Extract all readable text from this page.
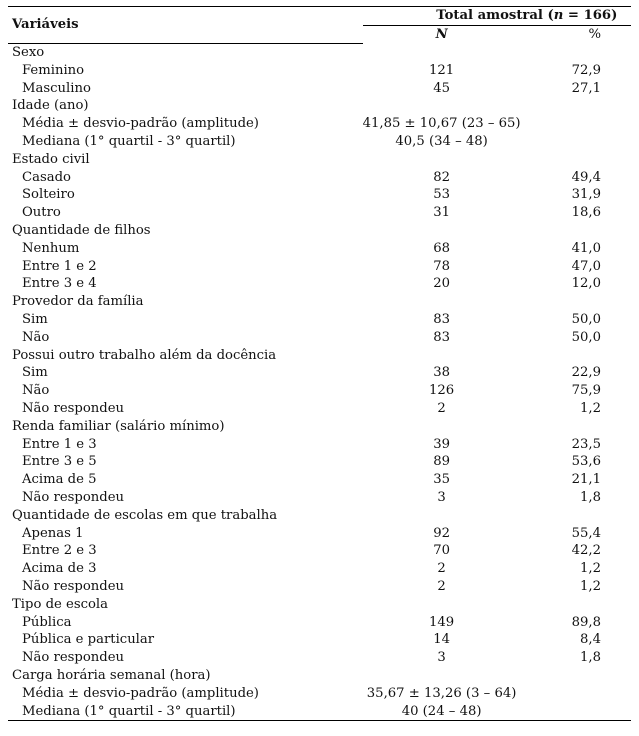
Variáveis	Total amostral (n = 166)	
	N	%
Sexo		
Feminino	121	72,9
Masculino	45	27,1
Idade (ano)		
Média ± desvio-padrão (amplitude)	41,85 ± 10,67 (23 – 65)	
Mediana (1° quartil - 3° quartil)	40,5 (34 – 48)	
Estado civil		
Casado	82	49,4
Solteiro	53	31,9
Outro	31	18,6
Quantidade de filhos		
Nenhum	68	41,0
Entre 1 e 2	78	47,0
Entre 3 e 4	20	12,0
Provedor da família		
Sim	83	50,0
Não	83	50,0
Possui outro trabalho além da docência		
Sim	38	22,9
Não	126	75,9
Não respondeu	2	1,2
Renda familiar (salário mínimo)		
Entre 1 e 3	39	23,5
Entre 3 e 5	89	53,6
Acima de 5	35	21,1
Não respondeu	3	1,8
Quantidade de escolas em que trabalha		
Apenas 1	92	55,4
Entre 2 e 3	70	42,2
Acima de 3	2	1,2
Não respondeu	2	1,2
Tipo de escola		
Pública	149	89,8
Pública e particular	14	8,4
Não respondeu	3	1,8
Carga horária semanal (hora)		
Média ± desvio-padrão (amplitude)	35,67 ± 13,26 (3 – 64)	
Mediana (1° quartil - 3° quartil)	40 (24 – 48)	
